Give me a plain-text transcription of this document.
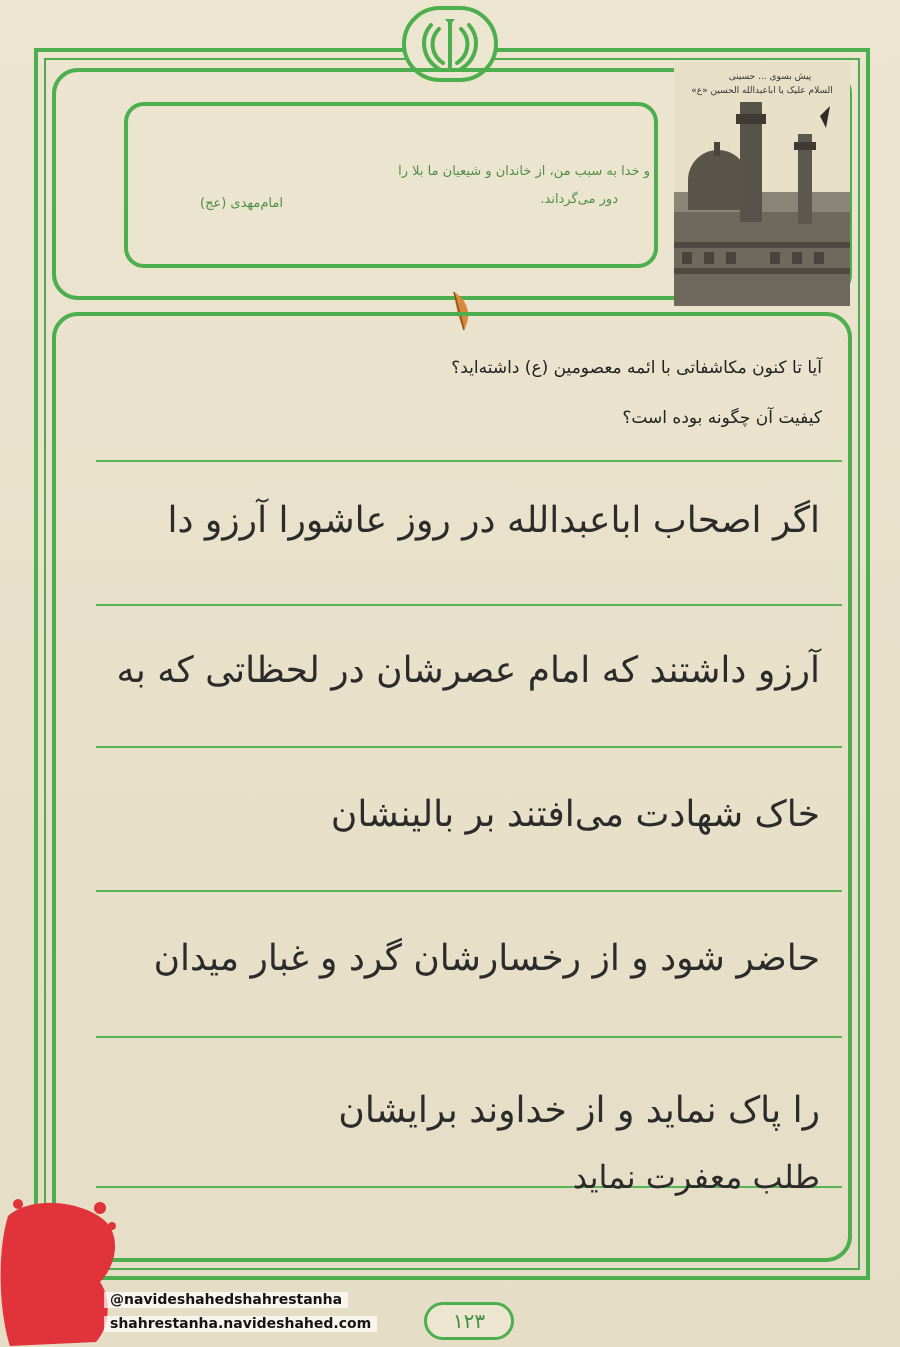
و خدا به سبب من، از خاندان و شیعیان ما بلا را
دور می‌گرداند.
امام‌مهدی (عج)
پیش بسوی ... حسینی
السلام علیک یا اباعبدالله الحسین «ع»
آیا تا کنون مکاشفاتی با ائمه معصومین (ع) داشته‌اید؟
کیفیت آن چگونه بوده است؟
اگر اصحاب اباعبدالله در روز عاشورا آرزو دا
آرزو داشتند که امام عصرشان در لحظاتی که به
خاک شهادت می‌افتند بر بالینشان
حاضر شود و از رخسارشان گرد و غبار میدان
را پاک نماید و از خداوند برایشان
طلب معفرت نماید
۱۲۳
@navideshahedshahrestanha
shahrestanha.navideshahed.com
